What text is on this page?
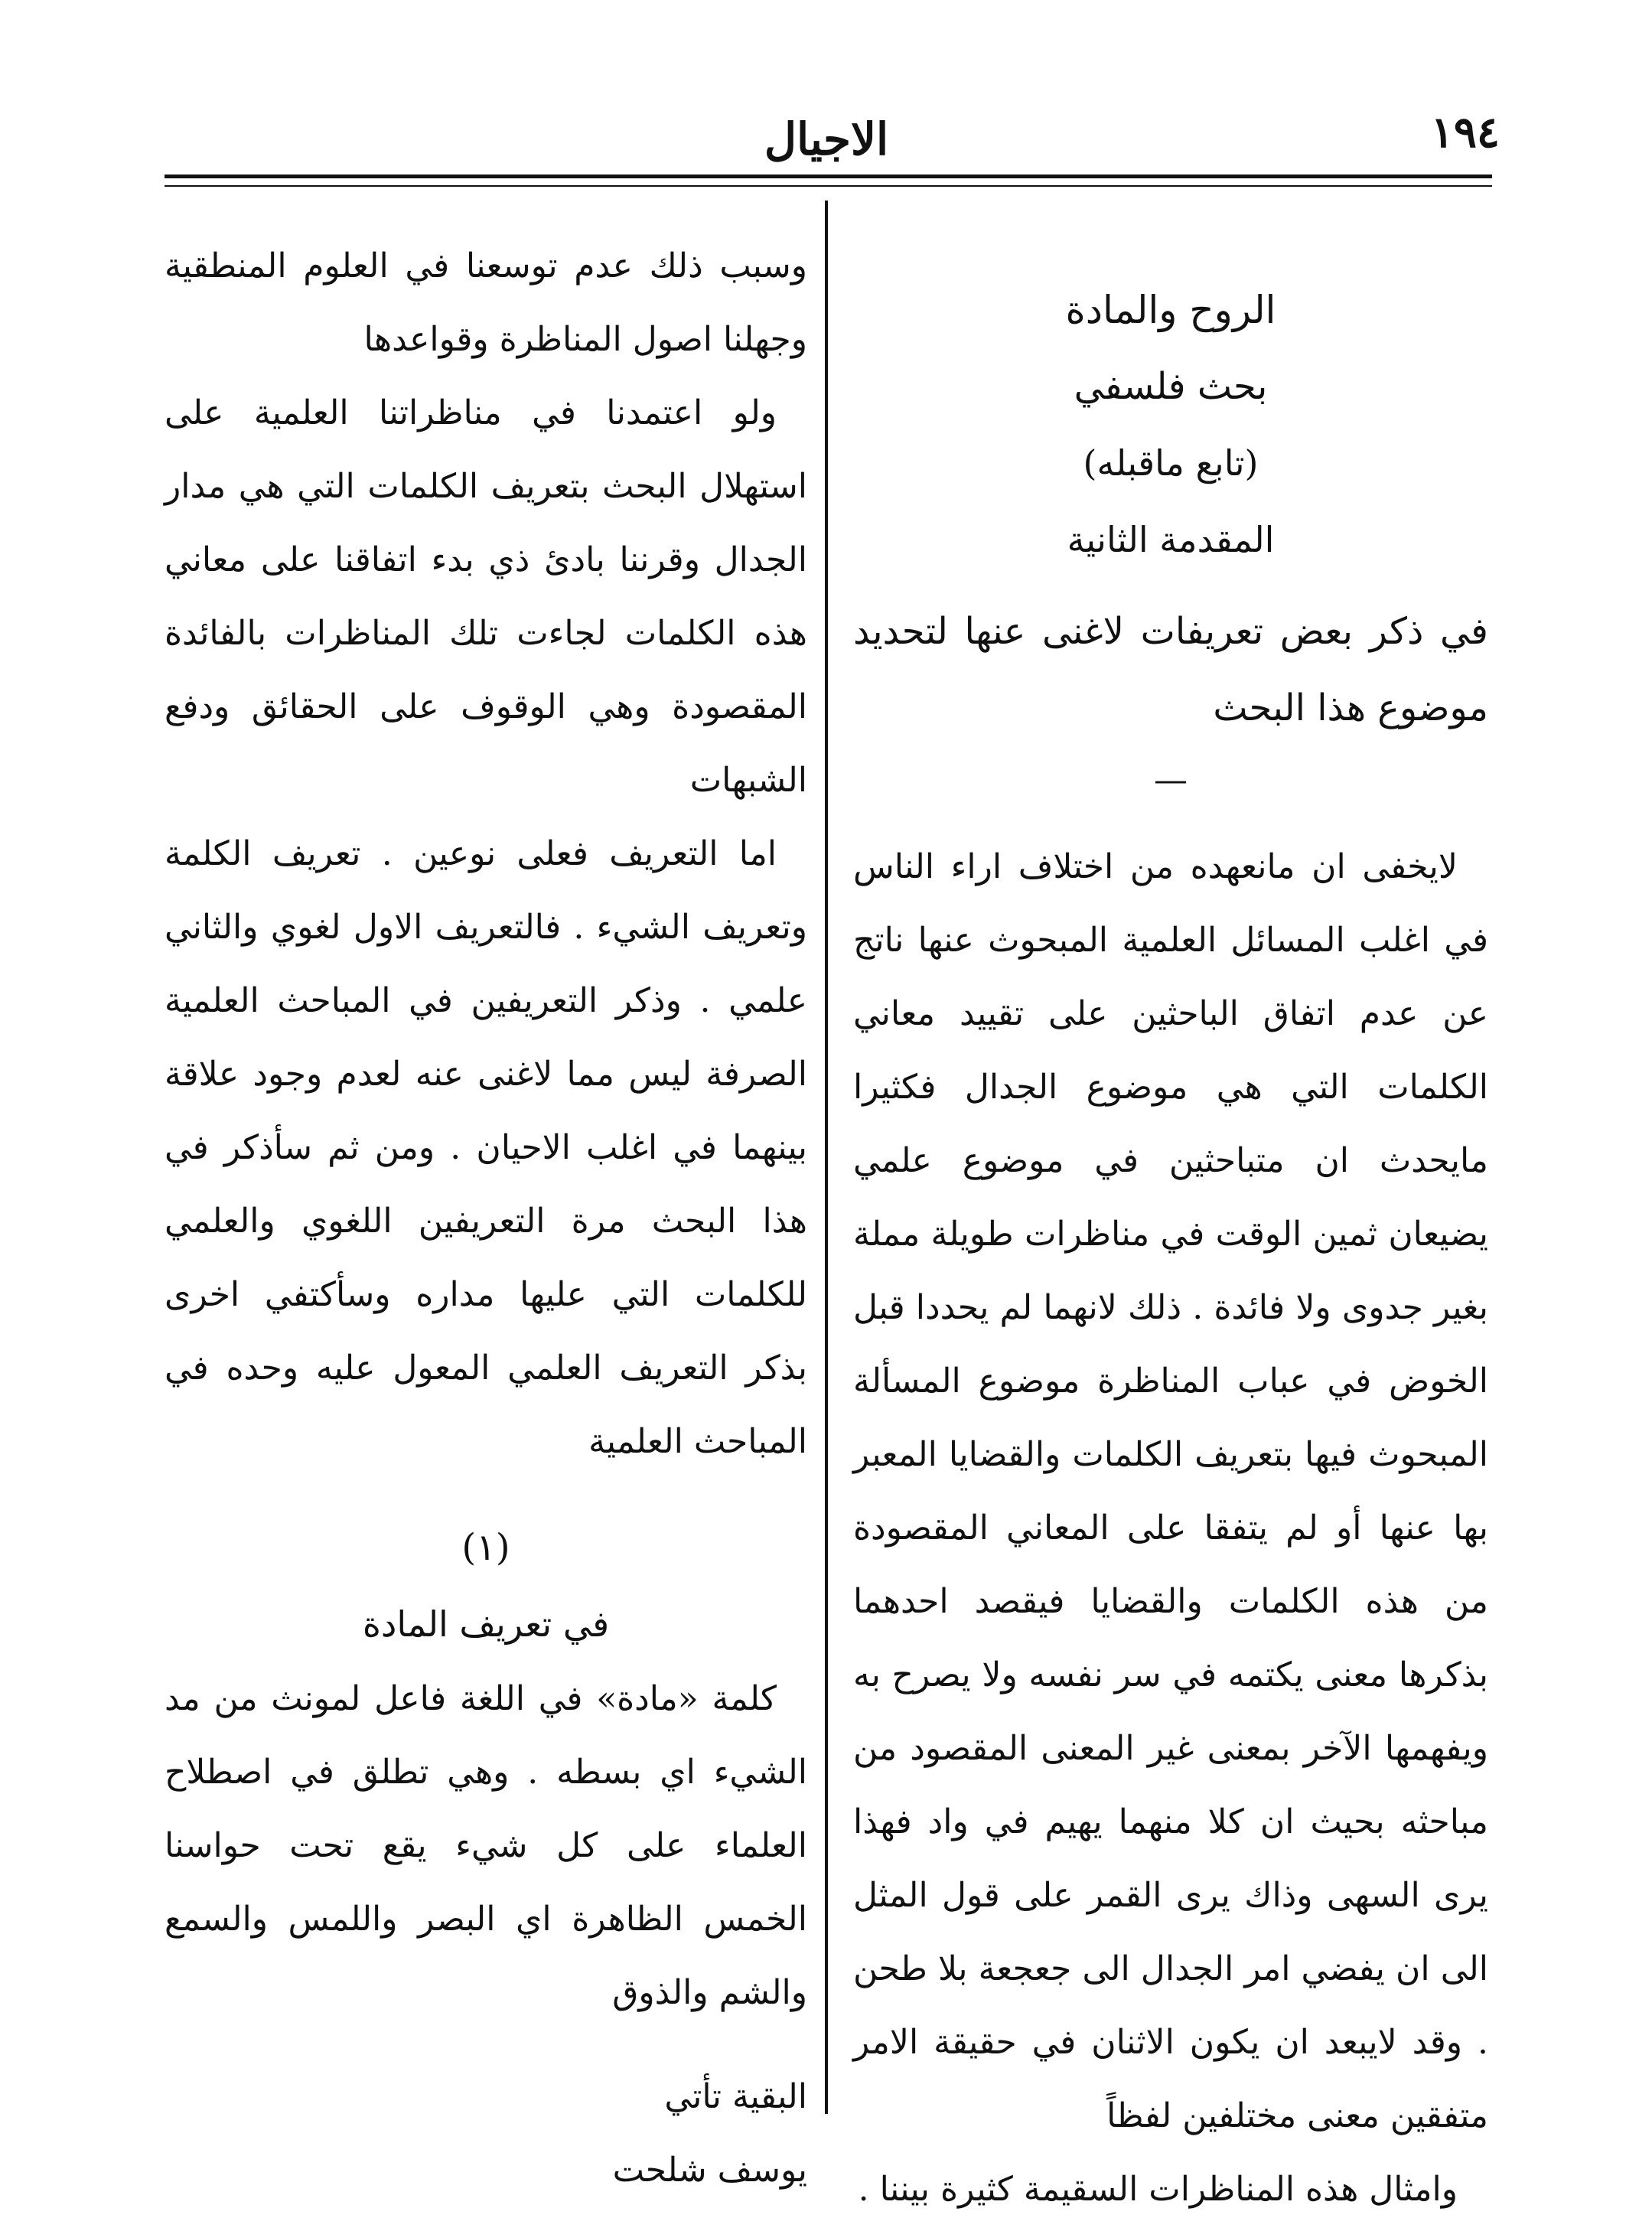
١٩٤
الاجيال

الروح والمادة

بحث فلسفي

(تابع ماقبله)

المقدمة الثانية

في ذكر بعض تعريفات لاغنى عنها لتحديد موضوع هذا البحث

—

لايخفى ان مانعهده من اختلاف اراء الناس في اغلب المسائل العلمية المبحوث عنها ناتج عن عدم اتفاق الباحثين على تقييد معاني الكلمات التي هي موضوع الجدال فكثيرا مايحدث ان متباحثين في موضوع علمي يضيعان ثمين الوقت في مناظرات طويلة مملة بغير جدوى ولا فائدة . ذلك لانهما لم يحددا قبل الخوض في عباب المناظرة موضوع المسألة المبحوث فيها بتعريف الكلمات والقضايا المعبر بها عنها أو لم يتفقا على المعاني المقصودة من هذه الكلمات والقضايا فيقصد احدهما بذكرها معنى يكتمه في سر نفسه ولا يصرح به ويفهمها الآخر بمعنى غير المعنى المقصود من مباحثه بحيث ان كلا منهما يهيم في واد فهذا يرى السهى وذاك يرى القمر على قول المثل الى ان يفضي امر الجدال الى جعجعة بلا طحن . وقد لايبعد ان يكون الاثنان في حقيقة الامر متفقين معنى مختلفين لفظاً

وامثال هذه المناظرات السقيمة كثيرة بيننا .

وسبب ذلك عدم توسعنا في العلوم المنطقية وجهلنا اصول المناظرة وقواعدها

ولو اعتمدنا في مناظراتنا العلمية على استهلال البحث بتعريف الكلمات التي هي مدار الجدال وقرننا بادئ ذي بدء اتفاقنا على معاني هذه الكلمات لجاءت تلك المناظرات بالفائدة المقصودة وهي الوقوف على الحقائق ودفع الشبهات

اما التعريف فعلى نوعين . تعريف الكلمة وتعريف الشيء . فالتعريف الاول لغوي والثاني علمي . وذكر التعريفين في المباحث العلمية الصرفة ليس مما لاغنى عنه لعدم وجود علاقة بينهما في اغلب الاحيان . ومن ثم سأذكر في هذا البحث مرة التعريفين اللغوي والعلمي للكلمات التي عليها مداره وسأكتفي اخرى بذكر التعريف العلمي المعول عليه وحده في المباحث العلمية

(١)

في تعريف المادة

كلمة «مادة» في اللغة فاعل لمونث من مد الشيء اي بسطه . وهي تطلق في اصطلاح العلماء على كل شيء يقع تحت حواسنا الخمس الظاهرة اي البصر واللمس والسمع والشم والذوق

البقية تأتي

يوسف شلحت
